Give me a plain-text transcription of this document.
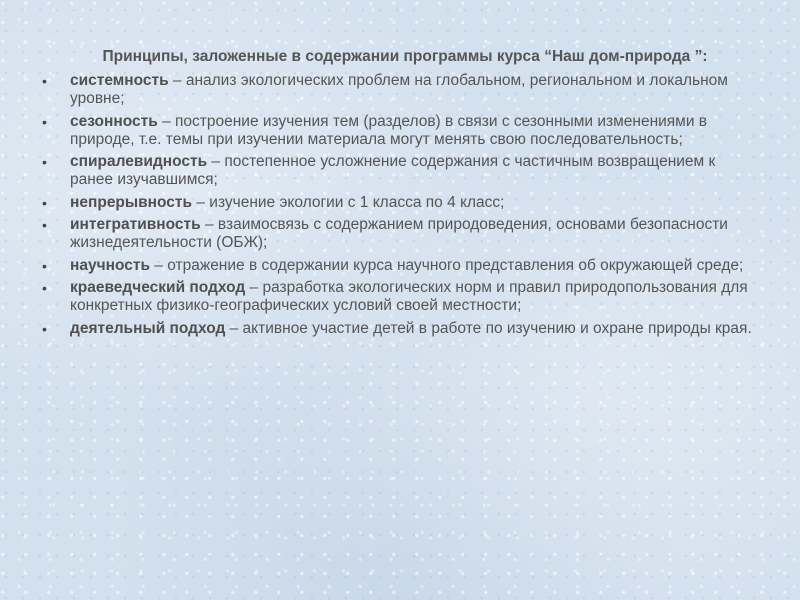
Принципы, заложенные в содержании программы курса “Наш дом-природа ”:

• системность – анализ экологических проблем на глобальном, региональном и локальном уровне;
• сезонность – построение изучения тем (разделов) в связи с сезонными изменениями в природе, т.е. темы при изучении материала могут менять свою последовательность;
• спиралевидность – постепенное усложнение содержания с частичным возвращением к ранее изучавшимся;
• непрерывность – изучение экологии с 1 класса по 4 класс;
• интегративность – взаимосвязь с содержанием природоведения, основами безопасности жизнедеятельности (ОБЖ);
• научность – отражение в содержании курса научного представления об окружающей среде;
• краеведческий подход – разработка экологических норм и правил природопользования для конкретных физико-географических условий своей местности;
• деятельный подход – активное участие детей в работе по изучению и охране природы края.
